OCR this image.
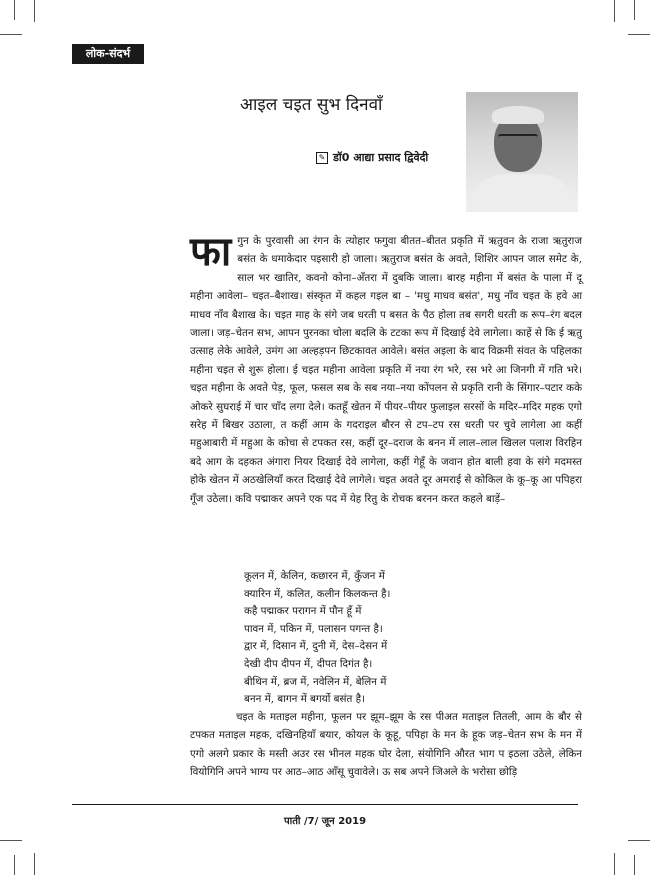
लोक-संदर्भ
आइल चइत सुभ दिनवाँ
✎ डॉ0 आद्या प्रसाद द्विवेदी
फा गुन के पुरवासी आ रंगन के त्योहार फगुवा बीतत–बीतत प्रकृति में ऋतुवन के राजा ऋतुराज बसंत के धमाकेदार पइसारी हो जाला। ऋतुराज बसंत के अवते, शिशिर आपन जाल समेट के, साल भर खातिर, कवनो कोना–अँतरा में दुबकि जाला। बारह महीना में बसंत के पाला में दू महीना आवेला– चइत–बैशाख। संस्कृत में कहल गइल बा – 'मधु माधव बसंत', मधु नाँव चइत के हवे आ माधव नाँव बैशाख के। चइत माह के संगे जब धरती प बसत के पैठ होला तब सगरी धरती क रूप–रंग बदल जाला। जड़–चेतन सभ, आपन पुरनका चोला बदलि के टटका रूप में दिखाई देवे लागेला। काहें से कि ई ऋतु उत्साह लेके आवेले, उमंग आ अल्हड़पन छिटकावत आवेले। बसंत अइला के बाद विक्रमी संवत के पहिलका महीना चइत से शुरू होला। ई चइत महीना आवेला प्रकृति में नया रंग भरे, रस भरे आ जिनगी में गति भरे। चइत महीना के अवते पेड़, फूल, फसल सब के सब नया–नया कोंपलन से प्रकृति रानी के सिंगार–पटार कके ओकरे सुघराई में चार चाँद लगा देले। कतहूँ खेतन में पीयर–पीयर फुलाइल सरसों के मदिर–मदिर महक एगो सरेह में बिखर उठाला, त कहीं आम के गदराइल बौरन से टप–टप रस धरती पर चुवे लागेला आ कहीं महुआबारी में महुआ के कोचा से टपकत रस, कहीं दूर–दराज के बनन में लाल–लाल खिलल पलाश विरहिन बदे आग के दहकत अंगारा नियर दिखाई देवे लागेला, कहीं गेहूँ के जवान होत बाली हवा के संगे मदमस्त होके खेतन में अठखेलियाँ करत दिखाई देवे लागेले। चइत अवते दूर अमराई से कोकिल के कू–कू आ पपिहरा गूँज उठेला। कवि पद्माकर अपने एक पद में येह रितु के रोचक बरनन करत कहले बाड़ें–

कूलन में, केलिन, कछारन में, कुँजन में
क्यारिन में, कलित, कलीन किलकन्त है।
कहै पद्माकर परागन में पौन हूँ में
पावन में, पकिन में, पलासन पगन्त है।
द्वार में, दिसान में, दुनी में, देस–देसन में
देखी दीप दीपन में, दीपत दिगंत है।
बीथिन में, ब्रज में, नवेलिन में, बेलिन में
बनन में, बागन में बगर्यो बसंत है।

चइत के मताइल महीना, फूलन पर झूम–झूम के रस पीअत मताइल तितली, आम के बौर से टपकत मताइल महक, दखिनहियाँ बयार, कोयल के कूहू, पपिहा के मन के हूक जड़–चेतन सभ के मन में एगो अलगे प्रकार के मस्ती अउर रस भीनल महक घोर देला, संयोगिनि औरत भाग प इठला उठेले, लेकिन वियोगिनि अपने भाग्य पर आठ–आठ आँसू चुवावेले। ऊ सब अपने जिअले के भरोसा छोड़ि

पाती /7/ जून 2019
